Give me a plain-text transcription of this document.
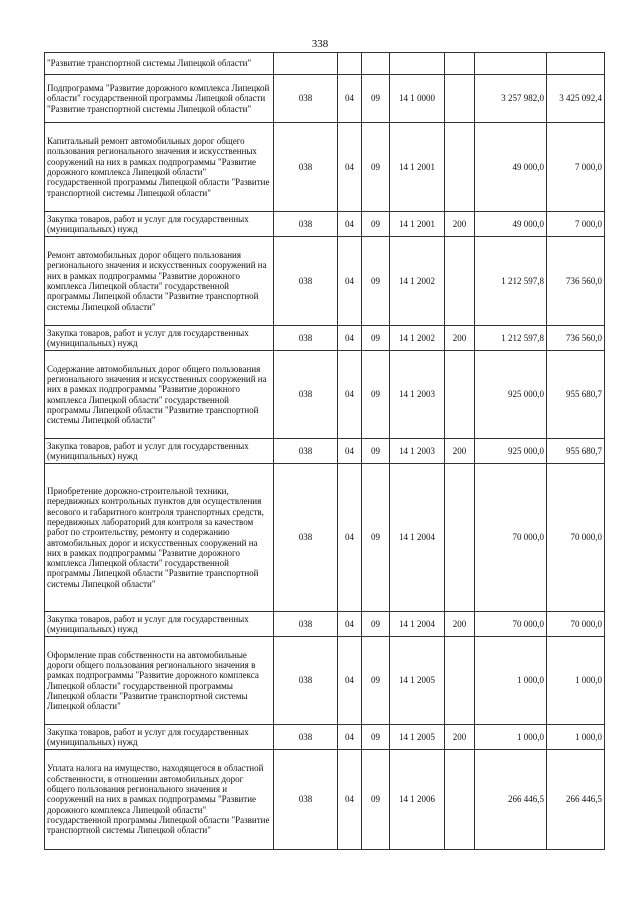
338
"Развитие транспортной системы Липецкой области"							
Подпрограмма "Развитие дорожного комплекса Липецкой области" государственной программы Липецкой области "Развитие транспортной системы Липецкой области"	038	04	09	14 1 0000		3 257 982,0	3 425 092,4
Капитальный ремонт автомобильных дорог общего пользования регионального значения и искусственных сооружений на них в рамках подпрограммы "Развитие дорожного комплекса Липецкой области" государственной программы Липецкой области "Развитие транспортной системы Липецкой области"	038	04	09	14 1 2001		49 000,0	7 000,0
Закупка товаров, работ и услуг для государственных (муниципальных) нужд	038	04	09	14 1 2001	200	49 000,0	7 000,0
Ремонт автомобильных дорог общего пользования регионального значения и искусственных сооружений на них в рамках подпрограммы "Развитие дорожного комплекса Липецкой области" государственной программы Липецкой области "Развитие транспортной системы Липецкой области"	038	04	09	14 1 2002		1 212 597,8	736 560,0
Закупка товаров, работ и услуг для государственных (муниципальных) нужд	038	04	09	14 1 2002	200	1 212 597,8	736 560,0
Содержание автомобильных дорог общего пользования регионального значения и искусственных сооружений на них в рамках подпрограммы "Развитие дорожного комплекса Липецкой области" государственной программы Липецкой области "Развитие транспортной системы Липецкой области"	038	04	09	14 1 2003		925 000,0	955 680,7
Закупка товаров, работ и услуг для государственных (муниципальных) нужд	038	04	09	14 1 2003	200	925 000,0	955 680,7
Приобретение дорожно-строительной техники, передвижных контрольных пунктов для осуществления весового и габаритного контроля транспортных средств, передвижных лабораторий для контроля за качеством работ по строительству, ремонту и содержанию автомобильных дорог и искусственных сооружений на них в рамках подпрограммы "Развитие дорожного комплекса Липецкой области" государственной программы Липецкой области "Развитие транспортной системы Липецкой области"	038	04	09	14 1 2004		70 000,0	70 000,0
Закупка товаров, работ и услуг для государственных (муниципальных) нужд	038	04	09	14 1 2004	200	70 000,0	70 000,0
Оформление прав собственности на автомобильные дороги общего пользования регионального значения в рамках подпрограммы "Развитие дорожного комплекса Липецкой области" государственной программы Липецкой области "Развитие транспортной системы Липецкой области"	038	04	09	14 1 2005		1 000,0	1 000,0
Закупка товаров, работ и услуг для государственных (муниципальных) нужд	038	04	09	14 1 2005	200	1 000,0	1 000,0
Уплата налога на имущество, находящегося в областной собственности, в отношении автомобильных дорог общего пользования регионального значения и сооружений на них в рамках подпрограммы "Развитие дорожного комплекса Липецкой области" государственной программы Липецкой области "Развитие транспортной системы Липецкой области"	038	04	09	14 1 2006		266 446,5	266 446,5
